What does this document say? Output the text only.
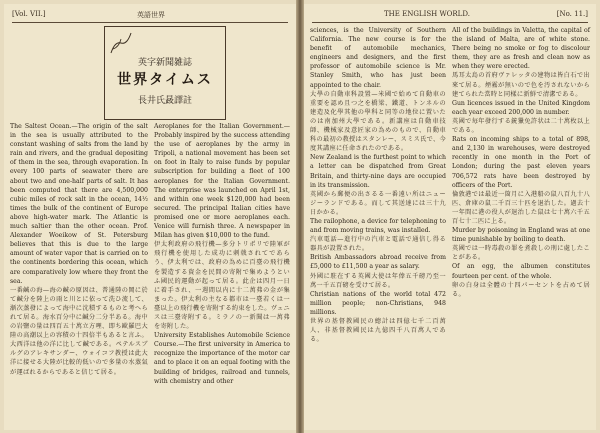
[Vol. VII.]	英語世界
英字新聞雑誌
世界タイムス
長井氏晸譯註

The Saltest Ocean.—The origin of the salt in the sea is usually attributed to the constant washing of salts from the land by rain and rivers, and the gradual depositing of them in the sea, through evaporation. In every 100 parts of seawater there are about two and one-half parts of salt. It has been computed that there are 4,500,000 cubic miles of rock salt in the ocean, 14½ times the bulk of the continent of Europe above high-water mark. The Atlantic is much saltier than the other ocean. Prof. Alexander Woeikow of St. Petersburg believes that this is due to the large amount of water vapor that is carried on to the continents bordering this ocean, which are comparatively low where they front the sea.

一番鹹の海—海の鹹の原因は、普通陸の岡に於て鹹分を陸上の雨と川とに依って洗ひ流して、漸次蒸發によって海中に沈積するものと考へられて居る。海水百分中に鹹分二分半ある。海中の岩鹽の量は四百五十萬立方哩、即ち歐羅巴大陸の高潮以上の容積の十四倍半もあると言ふ。大西洋は他の洋に比して鹹である。ペテルスブルグのアレキサンダー、ウォイコフ教授は此大洋に接せる大陸が比較的低いので多量の水蒸氣が運ばれるからであると信じて居る。

Aeroplanes for the Italian Government.—Probably inspired by the success attending the use of aeroplanes by the army in Tripoli, a national movement has been set on foot in Italy to raise funds by popular subscription for building a fleet of 100 aeroplanes for the Italian Government. The enterprise was launched on April 1st, and within one week $120,000 had been secured. The principal Italian cities have promised one or more aeroplanes each. Venice will furnish three. A newspaper in Milan has given $10,000 to the fund.

伊太利政府の飛行機—多分トリポリで陸軍が飛行機を使用した成功に刺戟されてであらう、伊太利では、政府の為めに百臺の飛行機を製造する資金を民間の寄附で集めようといふ國民的運動が起って居る。此企は四月一日に着手され、一週間以内に十二萬弗の金が集まった。伊太利の主なる都市は一臺若くは一臺以上の飛行機を寄附する約束をした。ヴェニスは三臺寄附する。ミラノの一新聞は一萬弗を寄附した。

University Establishes Automobile Science Course.—The first university in America to recognize the importance of the motor car and to place it on an equal footing with the building of bridges, railroad and tunnels, with chemistry and other

THE ENGLISH WORLD.	[No. 11.]

sciences, is the University of Southern California. The new course is for the benefit of automobile mechanics, engineers and designers, and the first professor of automobile science is Mr. Stanley Smith, who has just been appointed to the chair.

大學の自動車科設置—米國で始めて自動車の重要を認め且つ之を橋梁、鐵道、トンネルの建造及化學其他の學科と同等の地位に置いたのは南加州大學である。新講座は自動車技師、機械家及意匠家の為めのもので、自動車科の最初の教授はスタンレー、スミス氏で、今度其講座に任命されたのである。

New Zealand is the furthest point to which a letter can be dispatched from Great Britain, and thirty-nine days are occupied in its transmission.

英國から郵便の出さるる一番遠い所はニュージーランドである。而して其送達には三十九日かかる。

The railophone, a device for telephoning to and from moving trains, was installed.

汽車電話—進行中の汽車と電話で通信し得る器具が設置された。

British Ambassadors abroad receive from £5,000 to £11,500 a year as salary.

外國に駐在する英國大使は年俸五千磅乃至一萬一千五百磅を受けて居る。

Christian nations of the world total 472 million people; non-Christians, 948 millions.

世界の基督教國民の總計は四億七千二百萬人、非基督教國民は九億四千八百萬人である。

All of the buildings in Valetta, the capital of the island of Malta, are of white stone. There being no smoke or fog to discolour them, they are as fresh and clean now as when they were erected.

馬耳太島の首府ヴァレッタの建物は皆白石で出來て居る。煙霧が無いので色を汚されないから建てられた當時と同樣に新鮮で清潔である。

Gun licences issued in the United Kingdom each year exceed 200,000 in number.

英國で毎年發行する銃獵免許状は二十萬枚以上である。

Rats on incoming ships to a total of 898, and 2,130 in warehouses, were destroyed recently in one month in the Port of London; during the past eleven years 706,572 rats have been destroyed by officers of the Port.

倫敦港では最近一箇月に入港船の鼠八百九十八匹、倉庫の鼠二千百三十匹を退治した。過去十一年間に港の役人が退治した鼠は七十萬六千五百七十二匹に上る。

Murder by poisoning in England was at one time punishable by boiling to death.

英國では一時毒殺の罪を煮殺しの刑に處したことがある。

Of an egg, the albumen constitutes fourteen per cent. of the whole.

卵の白身は全體の十四パーセントを占めて居る。
